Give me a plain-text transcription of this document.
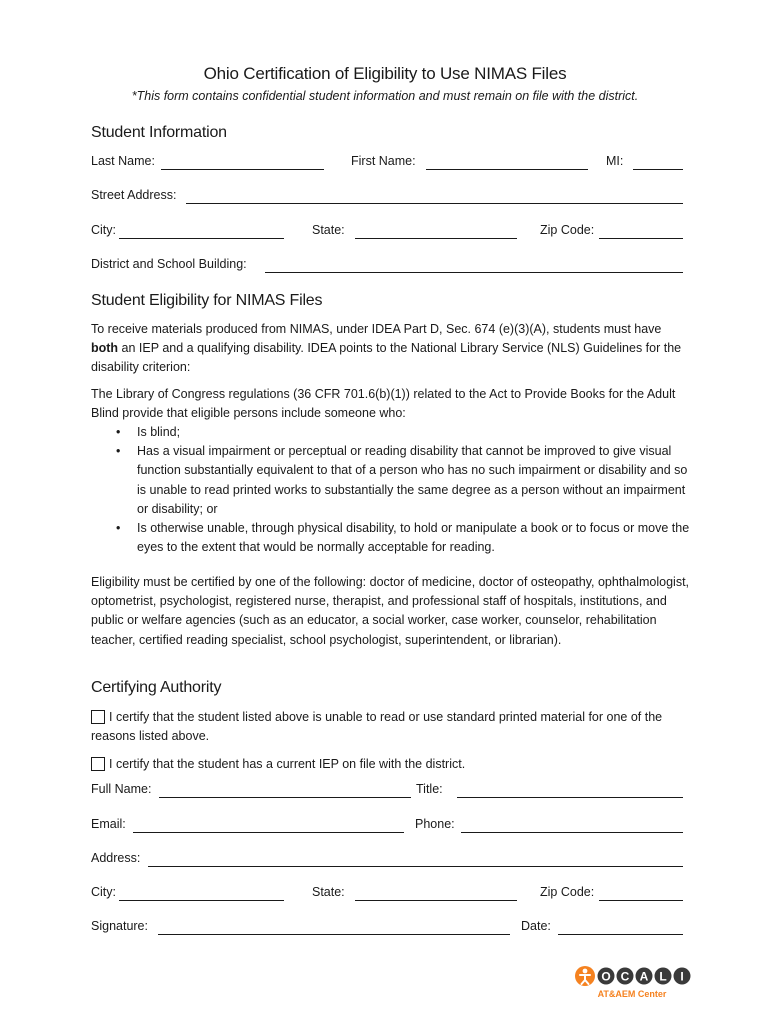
Ohio Certification of Eligibility to Use NIMAS Files
*This form contains confidential student information and must remain on file with the district.
Student Information
Last Name:	First Name:	MI:
Street Address:
City:	State:	Zip Code:
District and School Building:
Student Eligibility for NIMAS Files

To receive materials produced from NIMAS, under IDEA Part D, Sec. 674 (e)(3)(A), students must have both an IEP and a qualifying disability. IDEA points to the National Library Service (NLS) Guidelines for the disability criterion:

The Library of Congress regulations (36 CFR 701.6(b)(1)) related to the Act to Provide Books for the Adult Blind provide that eligible persons include someone who:

• Is blind;
• Has a visual impairment or perceptual or reading disability that cannot be improved to give visual function substantially equivalent to that of a person who has no such impairment or disability and so is unable to read printed works to substantially the same degree as a person without an impairment or disability; or
• Is otherwise unable, through physical disability, to hold or manipulate a book or to focus or move the eyes to the extent that would be normally acceptable for reading.

Eligibility must be certified by one of the following: doctor of medicine, doctor of osteopathy, ophthalmologist, optometrist, psychologist, registered nurse, therapist, and professional staff of hospitals, institutions, and public or welfare agencies (such as an educator, a social worker, case worker, counselor, rehabilitation teacher, certified reading specialist, school psychologist, superintendent, or librarian).

Certifying Authority
I certify that the student listed above is unable to read or use standard printed material for one of the reasons listed above.
I certify that the student has a current IEP on file with the district.
Full Name:	Title:
Email:	Phone:
Address:
City:	State:	Zip Code:
Signature:	Date:
O C A L I
AT&AEM Center
